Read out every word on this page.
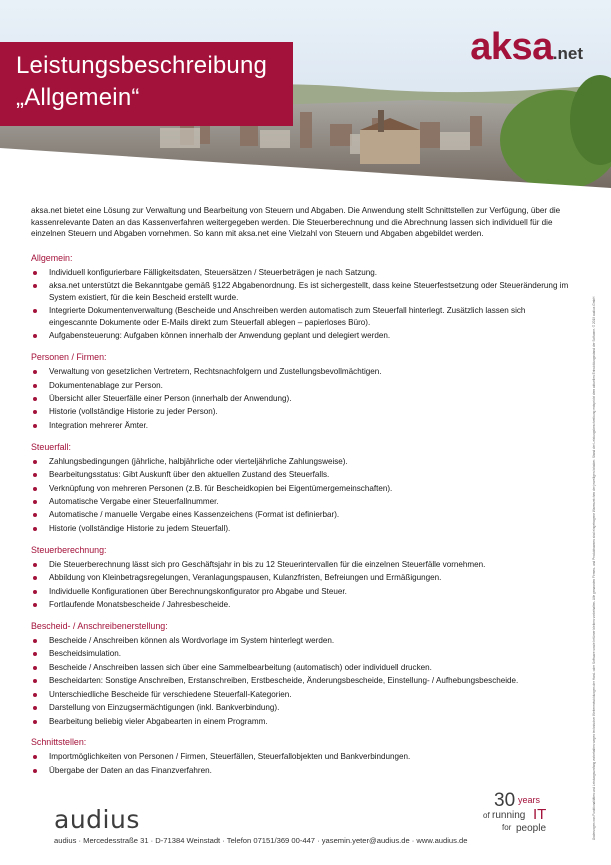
Leistungsbeschreibung
„Allgemein“
aksa.net

aksa.net bietet eine Lösung zur Verwaltung und Bearbeitung von Steuern und Abgaben. Die Anwendung stellt Schnittstellen zur Verfügung, über die kassenrelevante Daten an das Kassenverfahren weitergegeben werden. Die Steuerberechnung und die Abrechnung lassen sich individuell für die einzelnen Steuern und Abgaben vornehmen. So kann mit aksa.net eine Vielzahl von Steuern und Abgaben abgebildet werden.

Allgemein:
Individuell konfigurierbare Fälligkeitsdaten, Steuersätzen / Steuerbeträgen je nach Satzung.
aksa.net unterstützt die Bekanntgabe gemäß §122 Abgabenordnung. Es ist sichergestellt, dass keine Steuerfestsetzung oder Steueränderung im System existiert, für die kein Bescheid erstellt wurde.
Integrierte Dokumentenverwaltung (Bescheide und Anschreiben werden automatisch zum Steuerfall hinterlegt. Zusätzlich lassen sich eingescannte Dokumente oder E-Mails direkt zum Steuerfall ablegen – papierloses Büro).
Aufgabensteuerung: Aufgaben können innerhalb der Anwendung geplant und delegiert werden.
Personen / Firmen:
Verwaltung von gesetzlichen Vertretern, Rechtsnachfolgern und Zustellungsbevollmächtigen.
Dokumentenablage zur Person.
Übersicht aller Steuerfälle einer Person (innerhalb der Anwendung).
Historie (vollständige Historie zu jeder Person).
Integration mehrerer Ämter.
Steuerfall:
Zahlungsbedingungen (jährliche, halbjährliche oder vierteljährliche Zahlungsweise).
Bearbeitungsstatus: Gibt Auskunft über den aktuellen Zustand des Steuerfalls.
Verknüpfung von mehreren Personen (z.B. für Bescheidkopien bei Eigentümergemeinschaften).
Automatische Vergabe einer Steuerfallnummer.
Automatische / manuelle Vergabe eines Kassenzeichens (Format ist definierbar).
Historie (vollständige Historie zu jedem Steuerfall).
Steuerberechnung:
Die Steuerberechnung lässt sich pro Geschäftsjahr in bis zu 12 Steuerintervallen für die einzelnen Steuerfälle vornehmen.
Abbildung von Kleinbetragsregelungen, Veranlagungspausen, Kulanzfristen, Befreiungen und Ermäßigungen.
Individuelle Konfigurationen über Berechnungskonfigurator pro Abgabe und Steuer.
Fortlaufende Monatsbescheide / Jahresbescheide.
Bescheid- / Anschreibenerstellung:
Bescheide / Anschreiben können als Wordvorlage im System hinterlegt werden.
Bescheidsimulation.
Bescheide / Anschreiben lassen sich über eine Sammelbearbeitung (automatisch) oder individuell drucken.
Bescheidarten: Sonstige Anschreiben, Erstanschreiben, Erstbescheide, Änderungsbescheide, Einstellung- / Aufhebungsbescheide.
Unterschiedliche Bescheide für verschiedene Steuerfall-Kategorien.
Darstellung von Einzugsermächtigungen (inkl. Bankverbindung).
Bearbeitung beliebig vieler Abgabearten in einem Programm.
Schnittstellen:
Importmöglichkeiten von Personen / Firmen, Steuerfällen, Steuerfallobjekten und Bankverbindungen.
Übergabe der Daten an das Finanzverfahren.	Änderungen von Funktionalitäten und Leistungsumfang vorbehalten wegen technischer Weiterentwicklungen der Hard- oder Software sowie Irrtümer bleiben vorbehalten. Alle genannten Firmen- und Produktnamen sind eingetragene Warenzeichen der jeweiligen Inhaber. Stand der Leistungsbeschreibung entspricht dem aktuellen Entwicklungsstand der Software. © 2019 audius GmbH
audius
30 years
of running IT
for people
audius · Mercedesstraße 31 · D-71384 Weinstadt · Telefon 07151/369 00-447 · yasemin.yeter@audius.de · www.audius.de
